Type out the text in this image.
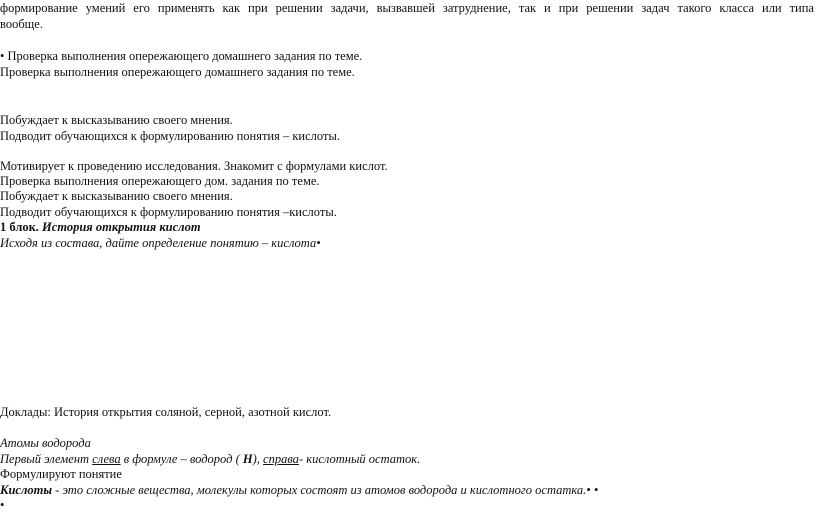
формирование умений его применять как при решении задачи, вызвавшей затруднение, так и при решении задач такого класса или типа
вообще.
• Проверка выполнения опережающего домашнего задания по теме.
Проверка выполнения опережающего домашнего задания по теме.
Побуждает к высказыванию своего мнения.
Подводит обучающихся к формулированию понятия – кислоты.
Мотивирует к проведению исследования. Знакомит с формулами кислот.
Проверка выполнения опережающего дом. задания по теме.
Побуждает к высказыванию своего мнения.
Подводит обучающихся к формулированию понятия –кислоты.
1 блок. История открытия кислот
Исходя из состава, дайте определение понятию – кислота•
Доклады: История открытия соляной, серной, азотной кислот.
Атомы водорода
Первый элемент слева в формуле – водород ( Н), справа- кислотный остаток.
Формулируют понятие
Кислоты - это сложные вещества, молекулы которых состоят из атомов водорода и кислотного остатка.• •
•
